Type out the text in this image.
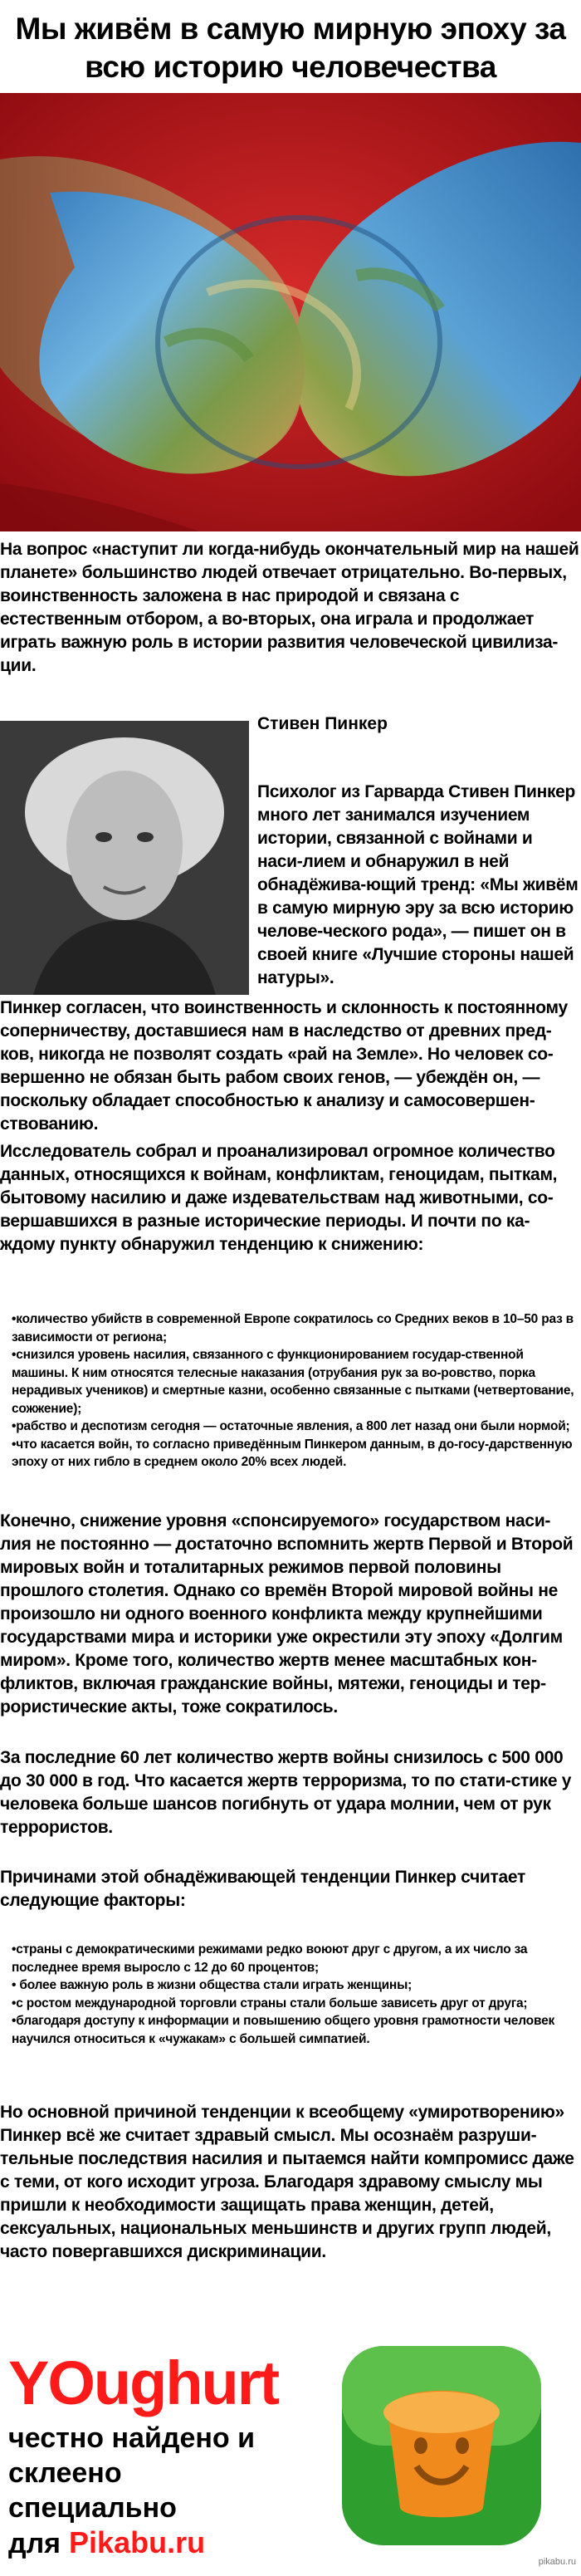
Мы живём в самую мирную эпоху за всю историю человечества
На вопрос «наступит ли когда-нибудь окончательный мир на нашей планете» большинство людей отвечает отрицательно. Во-первых, воинственность заложена в нас природой и связана с естественным отбором, а во-вторых, она играла и продолжает играть важную роль в истории развития человеческой цивилиза-ции.
Стивен Пинкер
Психолог из Гарварда Стивен Пинкер много лет занимался изучением истории, связанной с войнами и наси-лием и обнаружил в ней обнадёжива-ющий тренд: «Мы живём в самую мирную эру за всю историю челове-ческого рода», — пишет он в своей книге «Лучшие стороны нашей натуры».
Пинкер согласен, что воинственность и склонность к постоянному соперничеству, доставшиеся нам в наследство от древних пред-ков, никогда не позволят создать «рай на Земле». Но человек со-вершенно не обязан быть рабом своих генов, — убеждён он, — поскольку обладает способностью к анализу и самосовершен-ствованию.
Исследователь собрал и проанализировал огромное количество данных, относящихся к войнам, конфликтам, геноцидам, пыткам, бытовому насилию и даже издевательствам над животными, со-вершавшихся в разные исторические периоды. И почти по ка-ждому пункту обнаружил тенденцию к снижению:

•количество убийств в современной Европе сократилось со Средних веков в 10–50 раз в зависимости от региона;

•снизился уровень насилия, связанного с функционированием государ-ственной машины. К ним относятся телесные наказания (отрубания рук за во-ровство, порка нерадивых учеников) и смертные казни, особенно связанные с пытками (четвертование, сожжение);

•рабство и деспотизм сегодня — остаточные явления, а 800 лет назад они были нормой;

•что касается войн, то согласно приведённым Пинкером данным, в до-госу-дарственную эпоху от них гибло в среднем около 20% всех людей.

Конечно, снижение уровня «спонсируемого» государством наси-лия не постоянно — достаточно вспомнить жертв Первой и Второй мировых войн и тоталитарных режимов первой половины прошлого столетия. Однако со времён Второй мировой войны не произошло ни одного военного конфликта между крупнейшими государствами мира и историки уже окрестили эту эпоху «Долгим миром». Кроме того, количество жертв менее масштабных кон-фликтов, включая гражданские войны, мятежи, геноциды и тер-рористические акты, тоже сократилось.
За последние 60 лет количество жертв войны снизилось с 500 000 до 30 000 в год. Что касается жертв терроризма, то по стати-стике у человека больше шансов погибнуть от удара молнии, чем от рук террористов.
Причинами этой обнадёживающей тенденции Пинкер считает следующие факторы:

•страны с демократическими режимами редко воюют друг с другом, а их число за последнее время выросло с 12 до 60 процентов;

• более важную роль в жизни общества стали играть женщины;

•с ростом международной торговли страны стали больше зависеть друг от друга;

•благодаря доступу к информации и повышению общего уровня грамотности человек научился относиться к «чужакам» с большей симпатией.

Но основной причиной тенденции к всеобщему «умиротворению» Пинкер всё же считает здравый смысл. Мы осознаём разруши-тельные последствия насилия и пытаемся найти компромисс даже с теми, от кого исходит угроза. Благодаря здравому смыслу мы пришли к необходимости защищать права женщин, детей, сексуальных, национальных меньшинств и других групп людей, часто повергавшихся дискриминации.
YOughurt
честно найдено и склеено
специально для Pikabu.ru
pikabu.ru
